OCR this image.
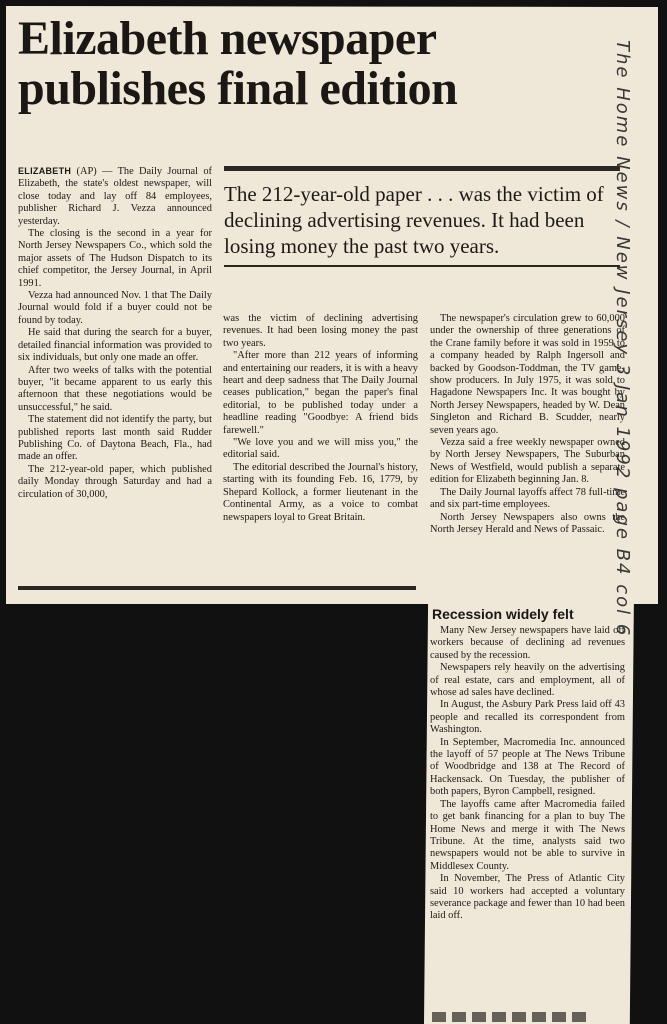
Elizabeth newspaper publishes final edition

ELIZABETH (AP) — The Daily Journal of Elizabeth, the state's oldest newspaper, will close today and lay off 84 employees, publisher Richard J. Vezza announced yesterday.

The closing is the second in a year for North Jersey Newspapers Co., which sold the major assets of The Hudson Dispatch to its chief competitor, the Jersey Journal, in April 1991.

Vezza had announced Nov. 1 that The Daily Journal would fold if a buyer could not be found by today.

He said that during the search for a buyer, detailed financial information was provided to six individuals, but only one made an offer.

After two weeks of talks with the potential buyer, "it became apparent to us early this afternoon that these negotiations would be unsuccessful," he said.

The statement did not identify the party, but published reports last month said Rudder Publishing Co. of Daytona Beach, Fla., had made an offer.

The 212-year-old paper, which published daily Monday through Saturday and had a circulation of 30,000,

The 212-year-old paper . . . was the victim of declining advertising revenues. It had been losing money the past two years.

was the victim of declining advertising revenues. It had been losing money the past two years.

"After more than 212 years of informing and entertaining our readers, it is with a heavy heart and deep sadness that The Daily Journal ceases publication," began the paper's final editorial, to be published today under a headline reading "Goodbye: A friend bids farewell."

"We love you and we will miss you," the editorial said.

The editorial described the Journal's history, starting with its founding Feb. 16, 1779, by Shepard Kollock, a former lieutenant in the Continental Army, as a voice to combat newspapers loyal to Great Britain.

The newspaper's circulation grew to 60,000 under the ownership of three generations of the Crane family before it was sold in 1959 to a company headed by Ralph Ingersoll and backed by Goodson-Toddman, the TV game-show producers. In July 1975, it was sold to Hagadone Newspapers Inc. It was bought by North Jersey Newspapers, headed by W. Dean Singleton and Richard B. Scudder, nearly seven years ago.

Vezza said a free weekly newspaper owned by North Jersey Newspapers, The Suburban News of Westfield, would publish a separate edition for Elizabeth beginning Jan. 8.

The Daily Journal layoffs affect 78 full-time and six part-time employees.

North Jersey Newspapers also owns the North Jersey Herald and News of Passaic.

Recession widely felt

Many New Jersey newspapers have laid off workers because of declining ad revenues caused by the recession.

Newspapers rely heavily on the advertising of real estate, cars and employment, all of whose ad sales have declined.

In August, the Asbury Park Press laid off 43 people and recalled its correspondent from Washington.

In September, Macromedia Inc. announced the layoff of 57 people at The News Tribune of Woodbridge and 138 at The Record of Hackensack. On Tuesday, the publisher of both papers, Byron Campbell, resigned.

The layoffs came after Macromedia failed to get bank financing for a plan to buy The Home News and merge it with The News Tribune. At the time, analysts said two newspapers would not be able to survive in Middlesex County.

In November, The Press of Atlantic City said 10 workers had accepted a voluntary severance package and fewer than 10 had been laid off.

The Home News / New Jersey 3 Jan 1992 page B4 col 6
